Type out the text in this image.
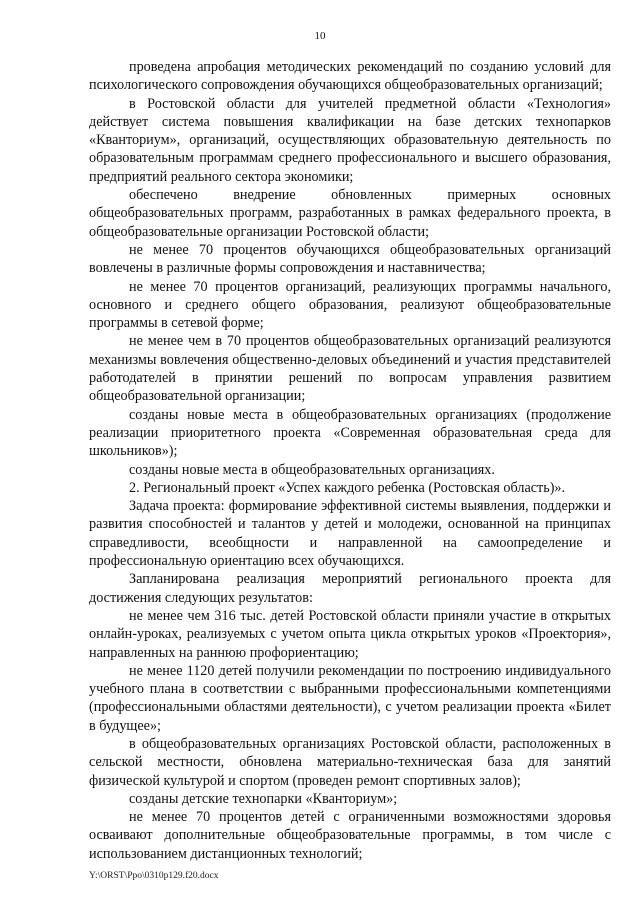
10

проведена апробация методических рекомендаций по созданию условий для психологического сопровождения обучающихся общеобразовательных организаций;

в Ростовской области для учителей предметной области «Технология» действует система повышения квалификации на базе детских технопарков «Кванториум», организаций, осуществляющих образовательную деятельность по образовательным программам среднего профессионального и высшего образования, предприятий реального сектора экономики;

обеспечено внедрение обновленных примерных основных общеобразовательных программ, разработанных в рамках федерального проекта, в общеобразовательные организации Ростовской области;

не менее 70 процентов обучающихся общеобразовательных организаций вовлечены в различные формы сопровождения и наставничества;

не менее 70 процентов организаций, реализующих программы начального, основного и среднего общего образования, реализуют общеобразовательные программы в сетевой форме;

не менее чем в 70 процентов общеобразовательных организаций реализуются механизмы вовлечения общественно-деловых объединений и участия представителей работодателей в принятии решений по вопросам управления развитием общеобразовательной организации;

созданы новые места в общеобразовательных организациях (продолжение реализации приоритетного проекта «Современная образовательная среда для школьников»);

созданы новые места в общеобразовательных организациях.

2. Региональный проект «Успех каждого ребенка (Ростовская область)».

Задача проекта: формирование эффективной системы выявления, поддержки и развития способностей и талантов у детей и молодежи, основанной на принципах справедливости, всеобщности и направленной на самоопределение и профессиональную ориентацию всех обучающихся.

Запланирована реализация мероприятий регионального проекта для достижения следующих результатов:

не менее чем 316 тыс. детей Ростовской области приняли участие в открытых онлайн-уроках, реализуемых с учетом опыта цикла открытых уроков «Проектория», направленных на раннюю профориентацию;

не менее 1120 детей получили рекомендации по построению индивидуального учебного плана в соответствии с выбранными профессиональными компетенциями (профессиональными областями деятельности), с учетом реализации проекта «Билет в будущее»;

в общеобразовательных организациях Ростовской области, расположенных в сельской местности, обновлена материально-техническая база для занятий физической культурой и спортом (проведен ремонт спортивных залов);

созданы детские технопарки «Кванториум»;

не менее 70 процентов детей с ограниченными возможностями здоровья осваивают дополнительные общеобразовательные программы, в том числе с использованием дистанционных технологий;

Y:\ORST\Ppo\0310p129.f20.docx
